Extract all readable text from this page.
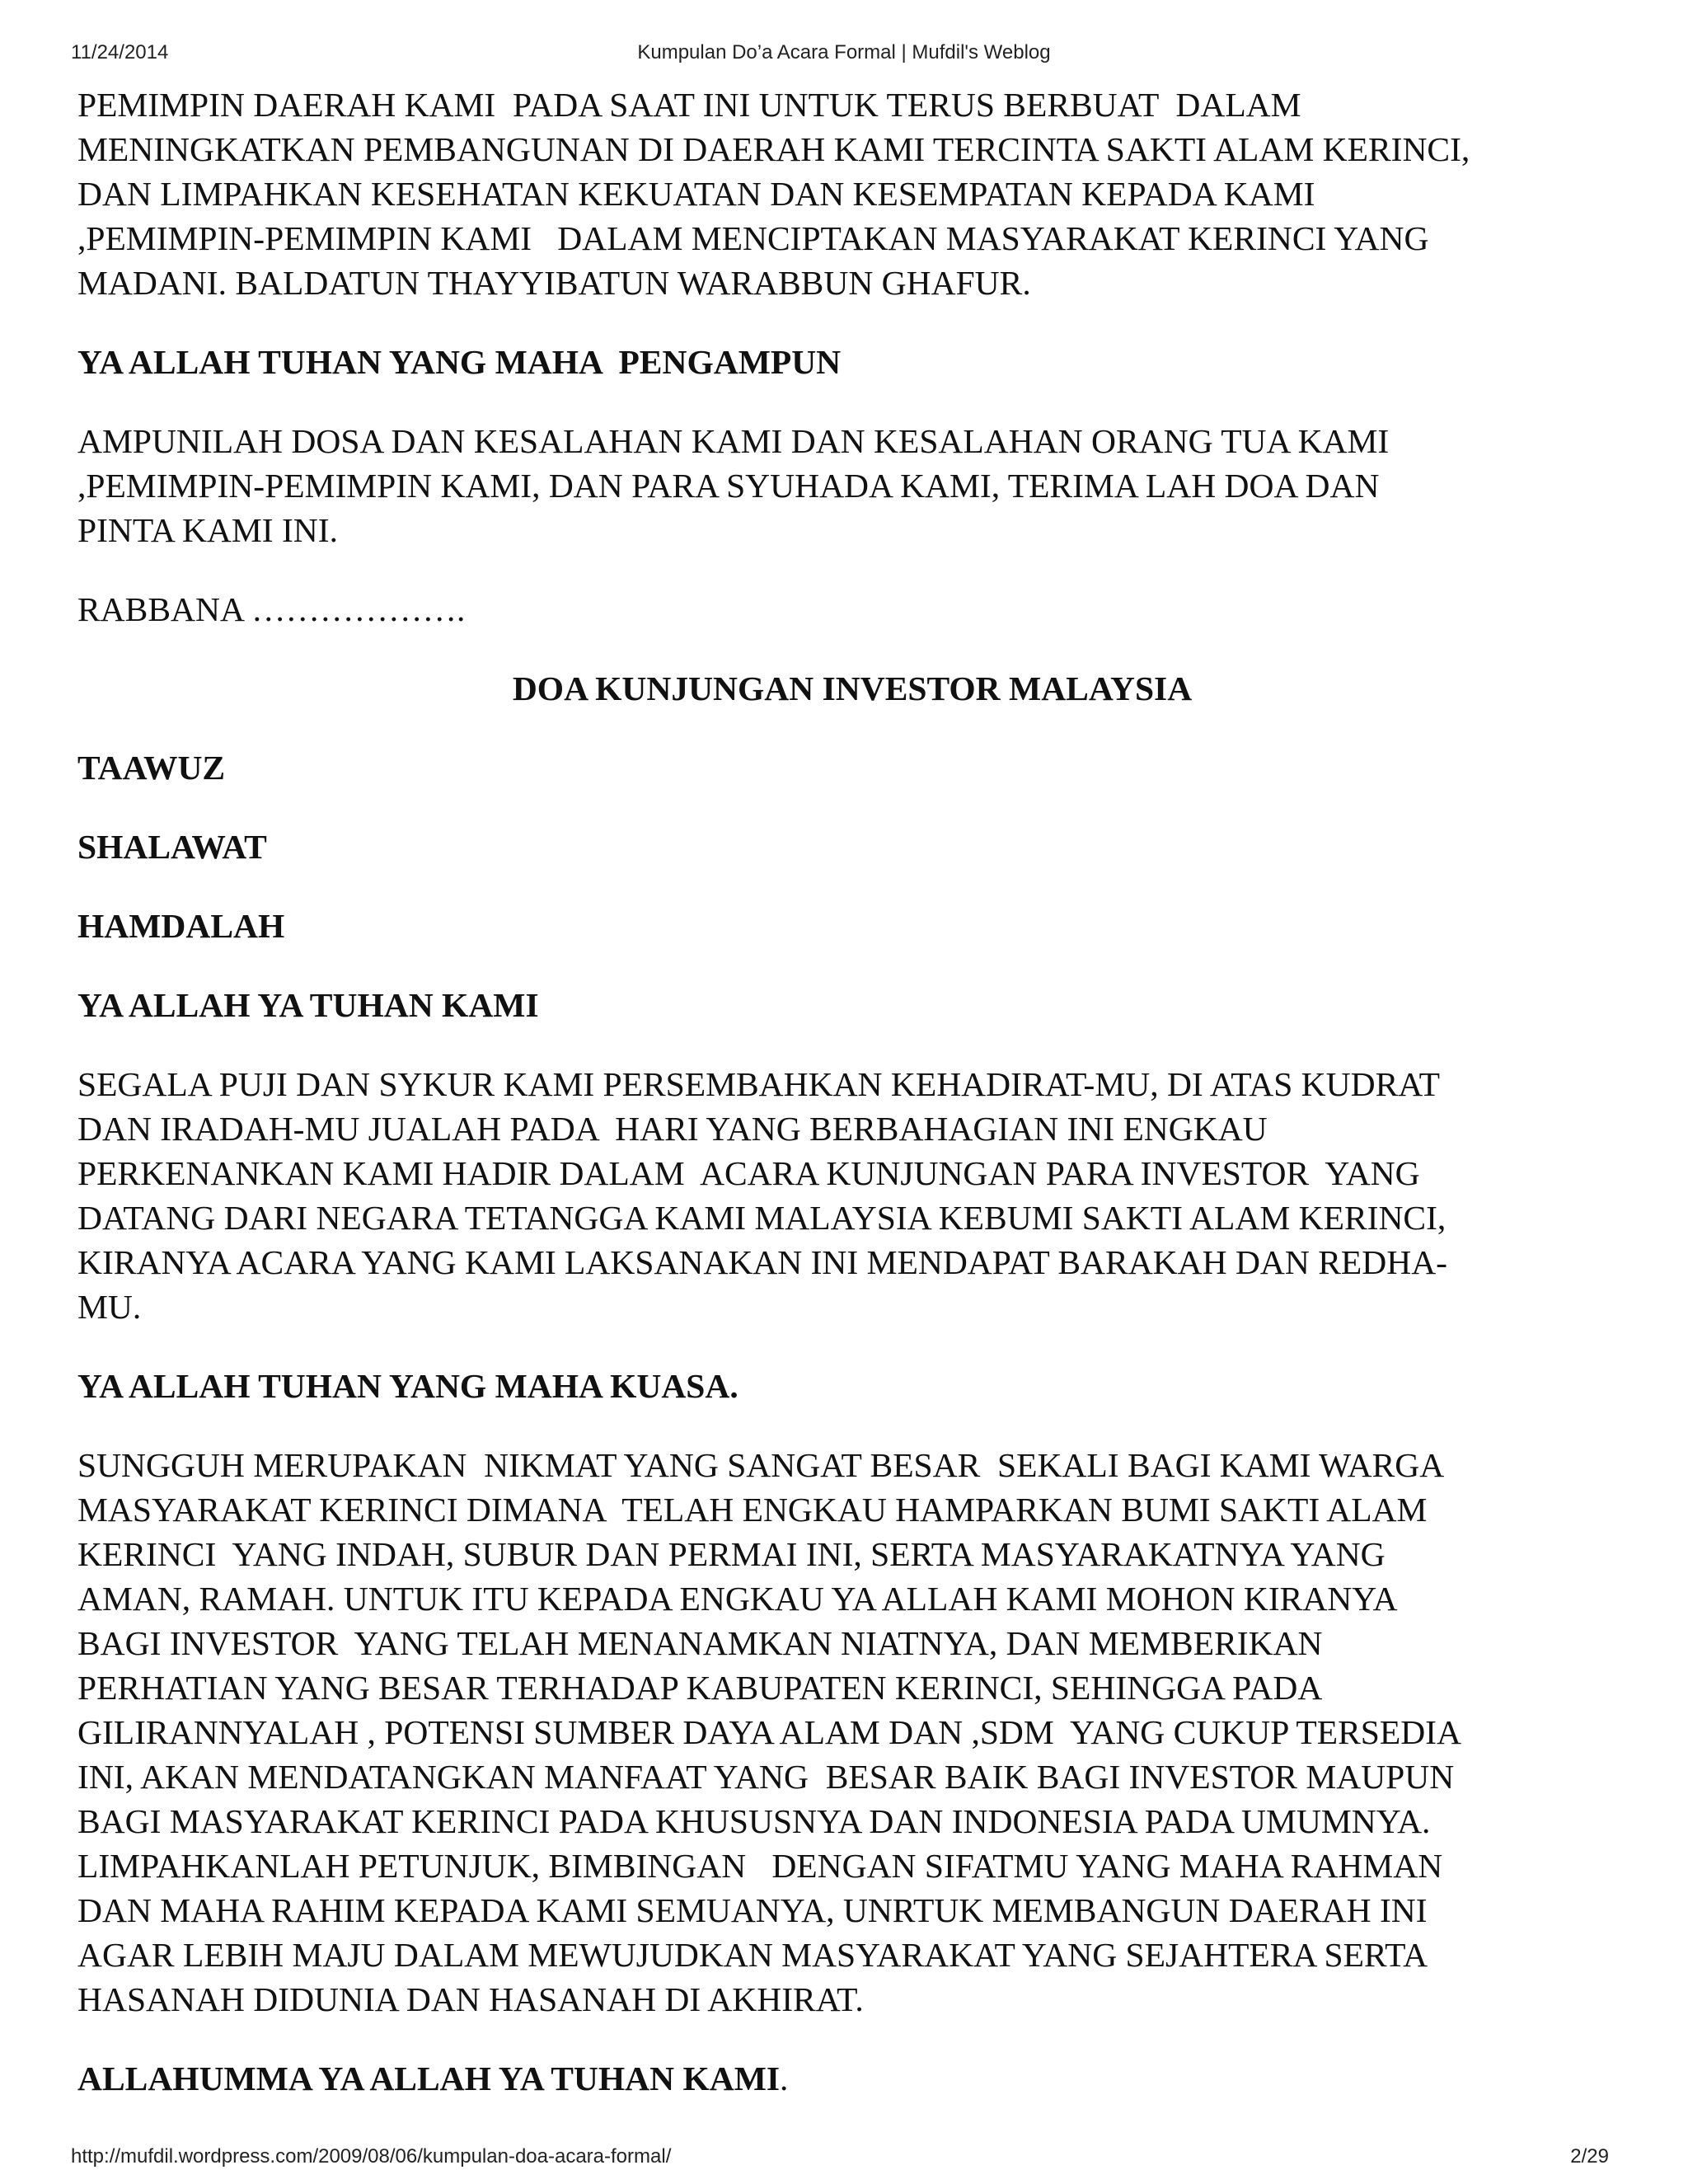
11/24/2014	Kumpulan Do’a Acara Formal | Mufdil's Weblog

PEMIMPIN DAERAH KAMI  PADA SAAT INI UNTUK TERUS BERBUAT  DALAM
MENINGKATKAN PEMBANGUNAN DI DAERAH KAMI TERCINTA SAKTI ALAM KERINCI,
DAN LIMPAHKAN KESEHATAN KEKUATAN DAN KESEMPATAN KEPADA KAMI
,PEMIMPIN-PEMIMPIN KAMI   DALAM MENCIPTAKAN MASYARAKAT KERINCI YANG
MADANI. BALDATUN THAYYIBATUN WARABBUN GHAFUR.

YA ALLAH TUHAN YANG MAHA  PENGAMPUN

AMPUNILAH DOSA DAN KESALAHAN KAMI DAN KESALAHAN ORANG TUA KAMI
,PEMIMPIN-PEMIMPIN KAMI, DAN PARA SYUHADA KAMI, TERIMA LAH DOA DAN
PINTA KAMI INI.

RABBANA ……………….

DOA KUNJUNGAN INVESTOR MALAYSIA

TAAWUZ

SHALAWAT

HAMDALAH

YA ALLAH YA TUHAN KAMI

SEGALA PUJI DAN SYKUR KAMI PERSEMBAHKAN KEHADIRAT-MU, DI ATAS KUDRAT
DAN IRADAH-MU JUALAH PADA  HARI YANG BERBAHAGIAN INI ENGKAU
PERKENANKAN KAMI HADIR DALAM  ACARA KUNJUNGAN PARA INVESTOR  YANG
DATANG DARI NEGARA TETANGGA KAMI MALAYSIA KEBUMI SAKTI ALAM KERINCI,
KIRANYA ACARA YANG KAMI LAKSANAKAN INI MENDAPAT BARAKAH DAN REDHA-
MU.

YA ALLAH TUHAN YANG MAHA KUASA.

SUNGGUH MERUPAKAN  NIKMAT YANG SANGAT BESAR  SEKALI BAGI KAMI WARGA
MASYARAKAT KERINCI DIMANA  TELAH ENGKAU HAMPARKAN BUMI SAKTI ALAM
KERINCI  YANG INDAH, SUBUR DAN PERMAI INI, SERTA MASYARAKATNYA YANG
AMAN, RAMAH. UNTUK ITU KEPADA ENGKAU YA ALLAH KAMI MOHON KIRANYA
BAGI INVESTOR  YANG TELAH MENANAMKAN NIATNYA, DAN MEMBERIKAN
PERHATIAN YANG BESAR TERHADAP KABUPATEN KERINCI, SEHINGGA PADA
GILIRANNYALAH , POTENSI SUMBER DAYA ALAM DAN ,SDM  YANG CUKUP TERSEDIA
INI, AKAN MENDATANGKAN MANFAAT YANG  BESAR BAIK BAGI INVESTOR MAUPUN
BAGI MASYARAKAT KERINCI PADA KHUSUSNYA DAN INDONESIA PADA UMUMNYA.
LIMPAHKANLAH PETUNJUK, BIMBINGAN   DENGAN SIFATMU YANG MAHA RAHMAN
DAN MAHA RAHIM KEPADA KAMI SEMUANYA, UNRTUK MEMBANGUN DAERAH INI
AGAR LEBIH MAJU DALAM MEWUJUDKAN MASYARAKAT YANG SEJAHTERA SERTA
HASANAH DIDUNIA DAN HASANAH DI AKHIRAT.

ALLAHUMMA YA ALLAH YA TUHAN KAMI.

http://mufdil.wordpress.com/2009/08/06/kumpulan-doa-acara-formal/	2/29
